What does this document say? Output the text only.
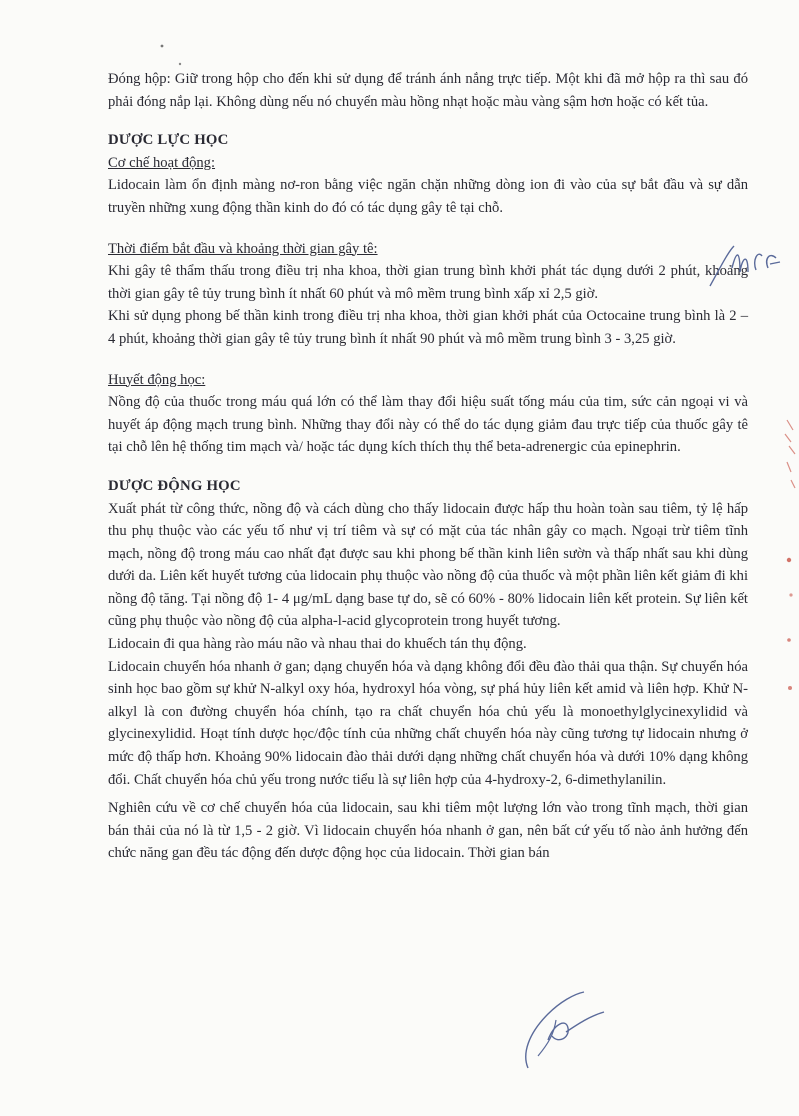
Đóng hộp: Giữ trong hộp cho đến khi sử dụng để tránh ánh nắng trực tiếp. Một khi đã mở hộp ra thì sau đó phải đóng nắp lại. Không dùng nếu nó chuyển màu hồng nhạt hoặc màu vàng sậm hơn hoặc có kết tủa.

DƯỢC LỰC HỌC

Cơ chế hoạt động:

Lidocain làm ổn định màng nơ-ron bằng việc ngăn chặn những dòng ion đi vào của sự bắt đầu và sự dẫn truyền những xung động thần kinh do đó có tác dụng gây tê tại chỗ.

Thời điểm bắt đầu và khoảng thời gian gây tê:

Khi gây tê thẩm thấu trong điều trị nha khoa, thời gian trung bình khởi phát tác dụng dưới 2 phút, khoảng thời gian gây tê tủy trung bình ít nhất 60 phút và mô mềm trung bình xấp xỉ 2,5 giờ.

Khi sử dụng phong bế thần kinh trong điều trị nha khoa, thời gian khởi phát của Octocaine trung bình là 2 – 4 phút, khoảng thời gian gây tê tủy trung bình ít nhất 90 phút và mô mềm trung bình 3 - 3,25 giờ.

Huyết động học:

Nồng độ của thuốc trong máu quá lớn có thể làm thay đổi hiệu suất tống máu của tim, sức cản ngoại vi và huyết áp động mạch trung bình. Những thay đổi này có thể do tác dụng giảm đau trực tiếp của thuốc gây tê tại chỗ lên hệ thống tim mạch và/ hoặc tác dụng kích thích thụ thể beta-adrenergic của epinephrin.

DƯỢC ĐỘNG HỌC

Xuất phát từ công thức, nồng độ và cách dùng cho thấy lidocain được hấp thu hoàn toàn sau tiêm, tỷ lệ hấp thu phụ thuộc vào các yếu tố như vị trí tiêm và sự có mặt của tác nhân gây co mạch. Ngoại trừ tiêm tĩnh mạch, nồng độ trong máu cao nhất đạt được sau khi phong bế thần kinh liên sườn và thấp nhất sau khi dùng dưới da. Liên kết huyết tương của lidocain phụ thuộc vào nồng độ của thuốc và một phần liên kết giảm đi khi nồng độ tăng. Tại nồng độ 1- 4 μg/mL dạng base tự do, sẽ có 60% - 80% lidocain liên kết protein. Sự liên kết cũng phụ thuộc vào nồng độ của alpha-l-acid glycoprotein trong huyết tương.

Lidocain đi qua hàng rào máu não và nhau thai do khuếch tán thụ động.

Lidocain chuyển hóa nhanh ở gan; dạng chuyển hóa và dạng không đổi đều đào thải qua thận. Sự chuyển hóa sinh học bao gồm sự khử N-alkyl oxy hóa, hydroxyl hóa vòng, sự phá hủy liên kết amid và liên hợp. Khử N-alkyl là con đường chuyển hóa chính, tạo ra chất chuyển hóa chủ yếu là monoethylglycinexylidid và glycinexylidid. Hoạt tính dược học/độc tính của những chất chuyển hóa này cũng tương tự lidocain nhưng ở mức độ thấp hơn. Khoảng 90% lidocain đào thải dưới dạng những chất chuyển hóa và dưới 10% dạng không đổi. Chất chuyển hóa chủ yếu trong nước tiểu là sự liên hợp của 4-hydroxy-2, 6-dimethylanilin.

Nghiên cứu về cơ chế chuyển hóa của lidocain, sau khi tiêm một lượng lớn vào trong tĩnh mạch, thời gian bán thải của nó là từ 1,5 - 2 giờ. Vì lidocain chuyển hóa nhanh ở gan, nên bất cứ yếu tố nào ảnh hưởng đến chức năng gan đều tác động đến dược động học của lidocain. Thời gian bán
